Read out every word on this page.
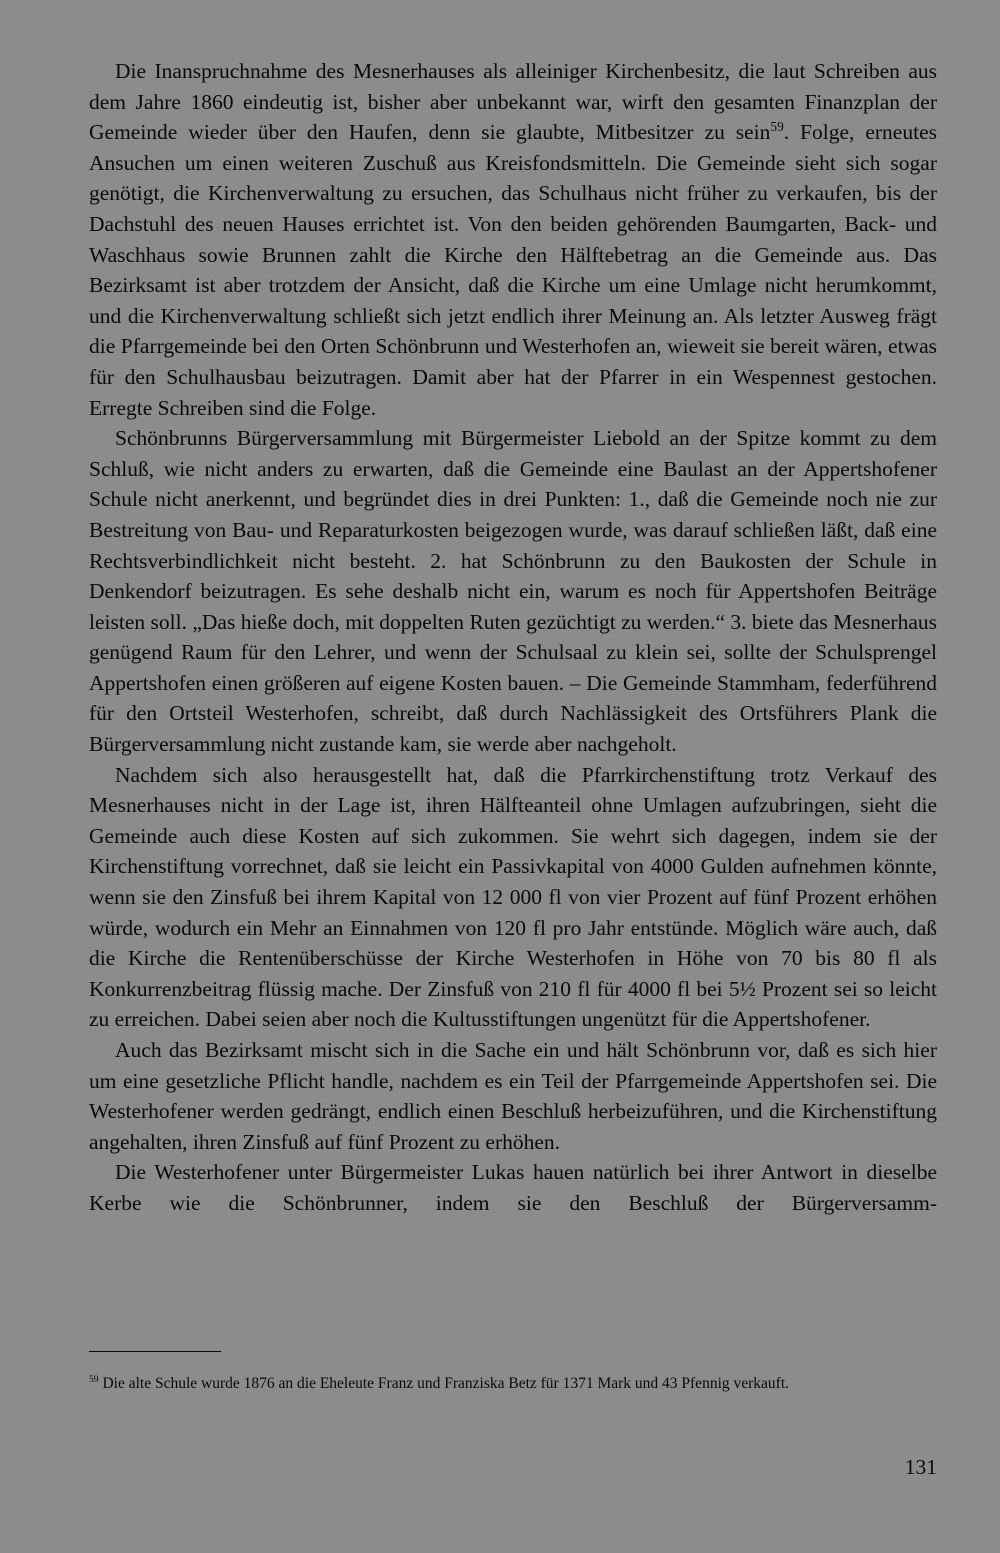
Die Inanspruchnahme des Mesnerhauses als alleiniger Kirchenbesitz, die laut Schreiben aus dem Jahre 1860 eindeutig ist, bisher aber unbekannt war, wirft den gesamten Finanzplan der Gemeinde wieder über den Haufen, denn sie glaubte, Mitbesitzer zu sein$^{59}$. Folge, erneutes Ansuchen um einen weiteren Zuschuß aus Kreisfondsmitteln. Die Gemeinde sieht sich sogar genötigt, die Kirchenverwaltung zu ersuchen, das Schulhaus nicht früher zu verkaufen, bis der Dachstuhl des neuen Hauses errichtet ist. Von den beiden gehörenden Baumgarten, Back- und Waschhaus sowie Brunnen zahlt die Kirche den Hälftebetrag an die Gemeinde aus. Das Bezirksamt ist aber trotzdem der Ansicht, daß die Kirche um eine Umlage nicht herumkommt, und die Kirchenverwaltung schließt sich jetzt endlich ihrer Meinung an. Als letzter Ausweg frägt die Pfarrgemeinde bei den Orten Schönbrunn und Westerhofen an, wieweit sie bereit wären, etwas für den Schulhausbau beizutragen. Damit aber hat der Pfarrer in ein Wespennest gestochen. Erregte Schreiben sind die Folge.

Schönbrunns Bürgerversammlung mit Bürgermeister Liebold an der Spitze kommt zu dem Schluß, wie nicht anders zu erwarten, daß die Gemeinde eine Baulast an der Appertshofener Schule nicht anerkennt, und begründet dies in drei Punkten: 1., daß die Gemeinde noch nie zur Bestreitung von Bau- und Reparaturkosten beigezogen wurde, was darauf schließen läßt, daß eine Rechtsverbindlichkeit nicht besteht. 2. hat Schönbrunn zu den Baukosten der Schule in Denkendorf beizutragen. Es sehe deshalb nicht ein, warum es noch für Appertshofen Beiträge leisten soll. „Das hieße doch, mit doppelten Ruten gezüchtigt zu werden.“ 3. biete das Mesnerhaus genügend Raum für den Lehrer, und wenn der Schulsaal zu klein sei, sollte der Schulsprengel Appertshofen einen größeren auf eigene Kosten bauen. – Die Gemeinde Stammham, federführend für den Ortsteil Westerhofen, schreibt, daß durch Nachlässigkeit des Ortsführers Plank die Bürgerversammlung nicht zustande kam, sie werde aber nachgeholt.

Nachdem sich also herausgestellt hat, daß die Pfarrkirchenstiftung trotz Verkauf des Mesnerhauses nicht in der Lage ist, ihren Hälfteanteil ohne Umlagen aufzubringen, sieht die Gemeinde auch diese Kosten auf sich zukommen. Sie wehrt sich dagegen, indem sie der Kirchenstiftung vorrechnet, daß sie leicht ein Passivkapital von 4000 Gulden aufnehmen könnte, wenn sie den Zinsfuß bei ihrem Kapital von 12 000 fl von vier Prozent auf fünf Prozent erhöhen würde, wodurch ein Mehr an Einnahmen von 120 fl pro Jahr entstünde. Möglich wäre auch, daß die Kirche die Rentenüberschüsse der Kirche Westerhofen in Höhe von 70 bis 80 fl als Konkurrenzbeitrag flüssig mache. Der Zinsfuß von 210 fl für 4000 fl bei 5½ Prozent sei so leicht zu erreichen. Dabei seien aber noch die Kultusstiftungen ungenützt für die Appertshofener.

Auch das Bezirksamt mischt sich in die Sache ein und hält Schönbrunn vor, daß es sich hier um eine gesetzliche Pflicht handle, nachdem es ein Teil der Pfarrgemeinde Appertshofen sei. Die Westerhofener werden gedrängt, endlich einen Beschluß herbeizuführen, und die Kirchenstiftung angehalten, ihren Zinsfuß auf fünf Prozent zu erhöhen.

Die Westerhofener unter Bürgermeister Lukas hauen natürlich bei ihrer Antwort in dieselbe Kerbe wie die Schönbrunner, indem sie den Beschluß der Bürgerversamm-

$^{59}$ Die alte Schule wurde 1876 an die Eheleute Franz und Franziska Betz für 1371 Mark und 43 Pfennig verkauft.

131
